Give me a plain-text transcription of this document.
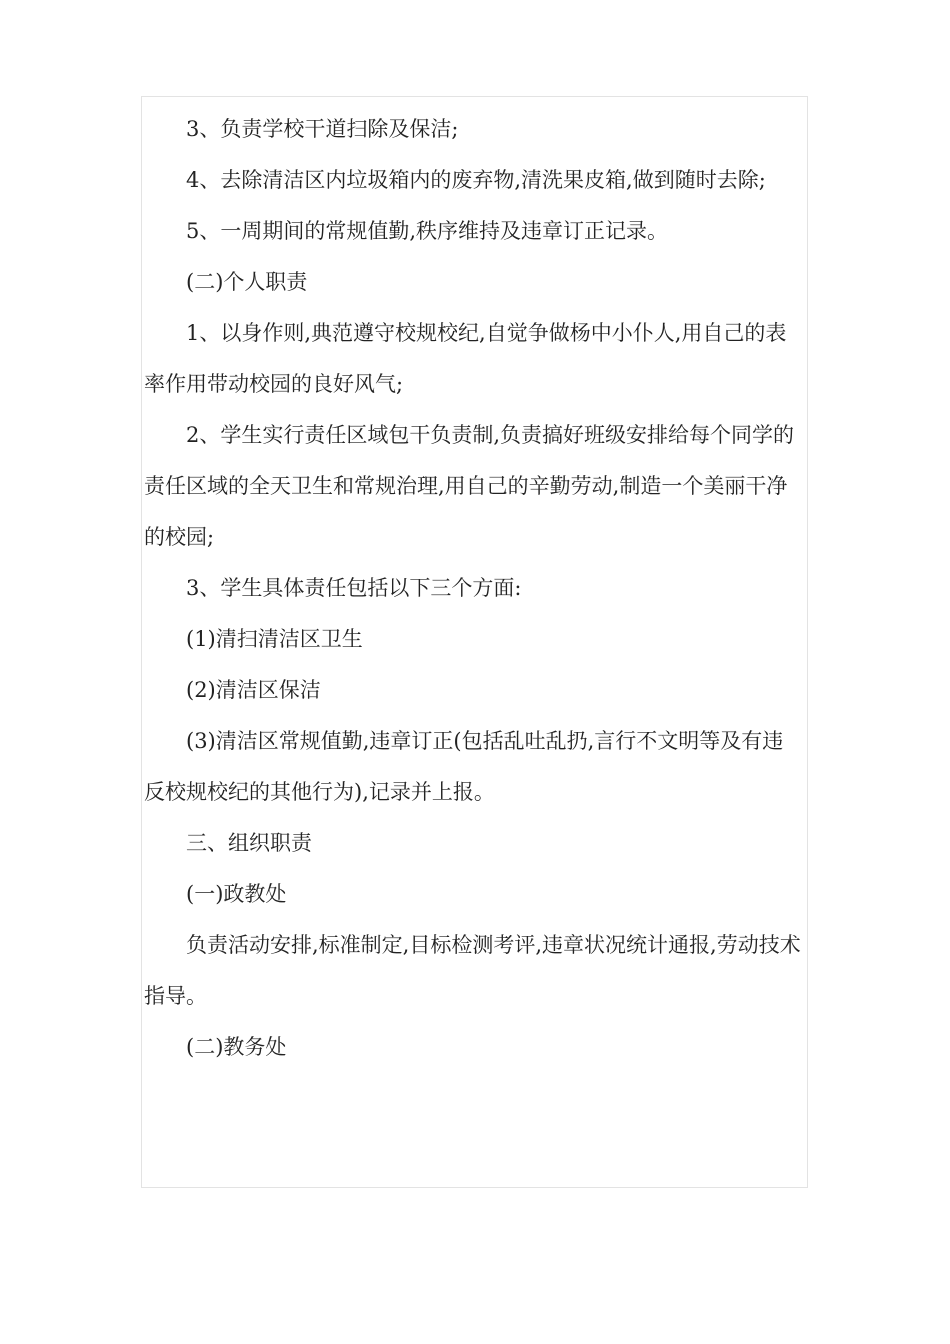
3、负责学校干道扫除及保洁;

4、去除清洁区内垃圾箱内的废弃物,清洗果皮箱,做到随时去除;

5、一周期间的常规值勤,秩序维持及违章订正记录。

(二)个人职责

1、以身作则,典范遵守校规校纪,自觉争做杨中小仆人,用自己的表率作用带动校园的良好风气;

2、学生实行责任区域包干负责制,负责搞好班级安排给每个同学的责任区域的全天卫生和常规治理,用自己的辛勤劳动,制造一个美丽干净的校园;

3、学生具体责任包括以下三个方面:

(1)清扫清洁区卫生

(2)清洁区保洁

(3)清洁区常规值勤,违章订正(包括乱吐乱扔,言行不文明等及有违反校规校纪的其他行为),记录并上报。

三、组织职责

(一)政教处

负责活动安排,标准制定,目标检测考评,违章状况统计通报,劳动技术指导。

(二)教务处
